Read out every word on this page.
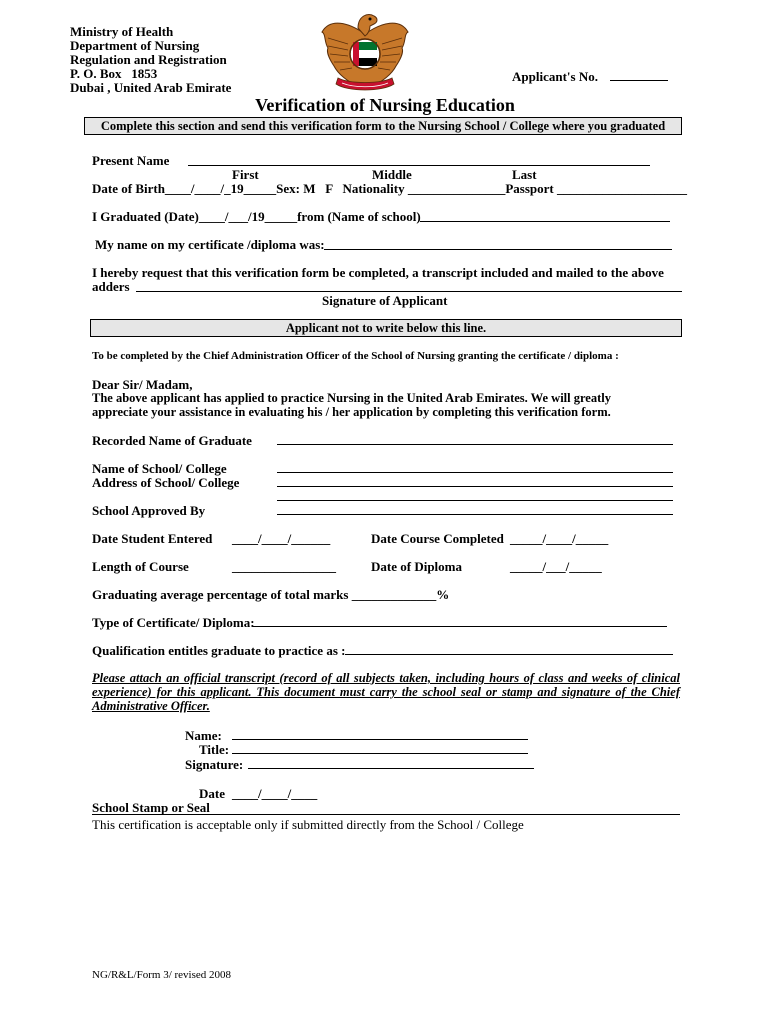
Ministry of Health
Department of Nursing
Regulation and Registration
P. O. Box   1853
Dubai , United Arab Emirate
Applicant's No.
Verification of Nursing Education
Complete this section and send this verification form to the Nursing School / College where you graduated
Present Name
First	Middle	Last
Date of Birth____/____/_19_____Sex: M   F   Nationality _______________Passport ____________________
I Graduated (Date)____/___/19_____from (Name of school)
My name on my certificate /diploma was:
I hereby request that this verification form be completed, a transcript included and mailed to the above
adders
Signature of Applicant
Applicant not to write below this line.
To be completed by the Chief Administration Officer of the School of Nursing granting the certificate / diploma :
Dear Sir/ Madam,
The above applicant has applied to practice Nursing in the United Arab Emirates. We will greatly appreciate your assistance in evaluating his / her application by completing this verification form.
Recorded Name of Graduate
Name of School/ College
Address of School/ College
School Approved By
Date Student Entered ____/____/______	Date Course Completed _____/____/_____
Length of Course	________________	Date of Diploma	_____/___/_____
Graduating average percentage of total marks _____________%
Type of Certificate/ Diploma:
Qualification entitles graduate to practice as :
Please attach an official transcript (record of all subjects taken, including hours of class and weeks of clinical experience) for this applicant. This document must carry the school seal or stamp and signature of the Chief Administrative Officer.
Name:
Title:
Signature:
Date ____/____/____
School Stamp or Seal
This certification is acceptable only if submitted directly from the School / College
NG/R&L/Form 3/ revised 2008
